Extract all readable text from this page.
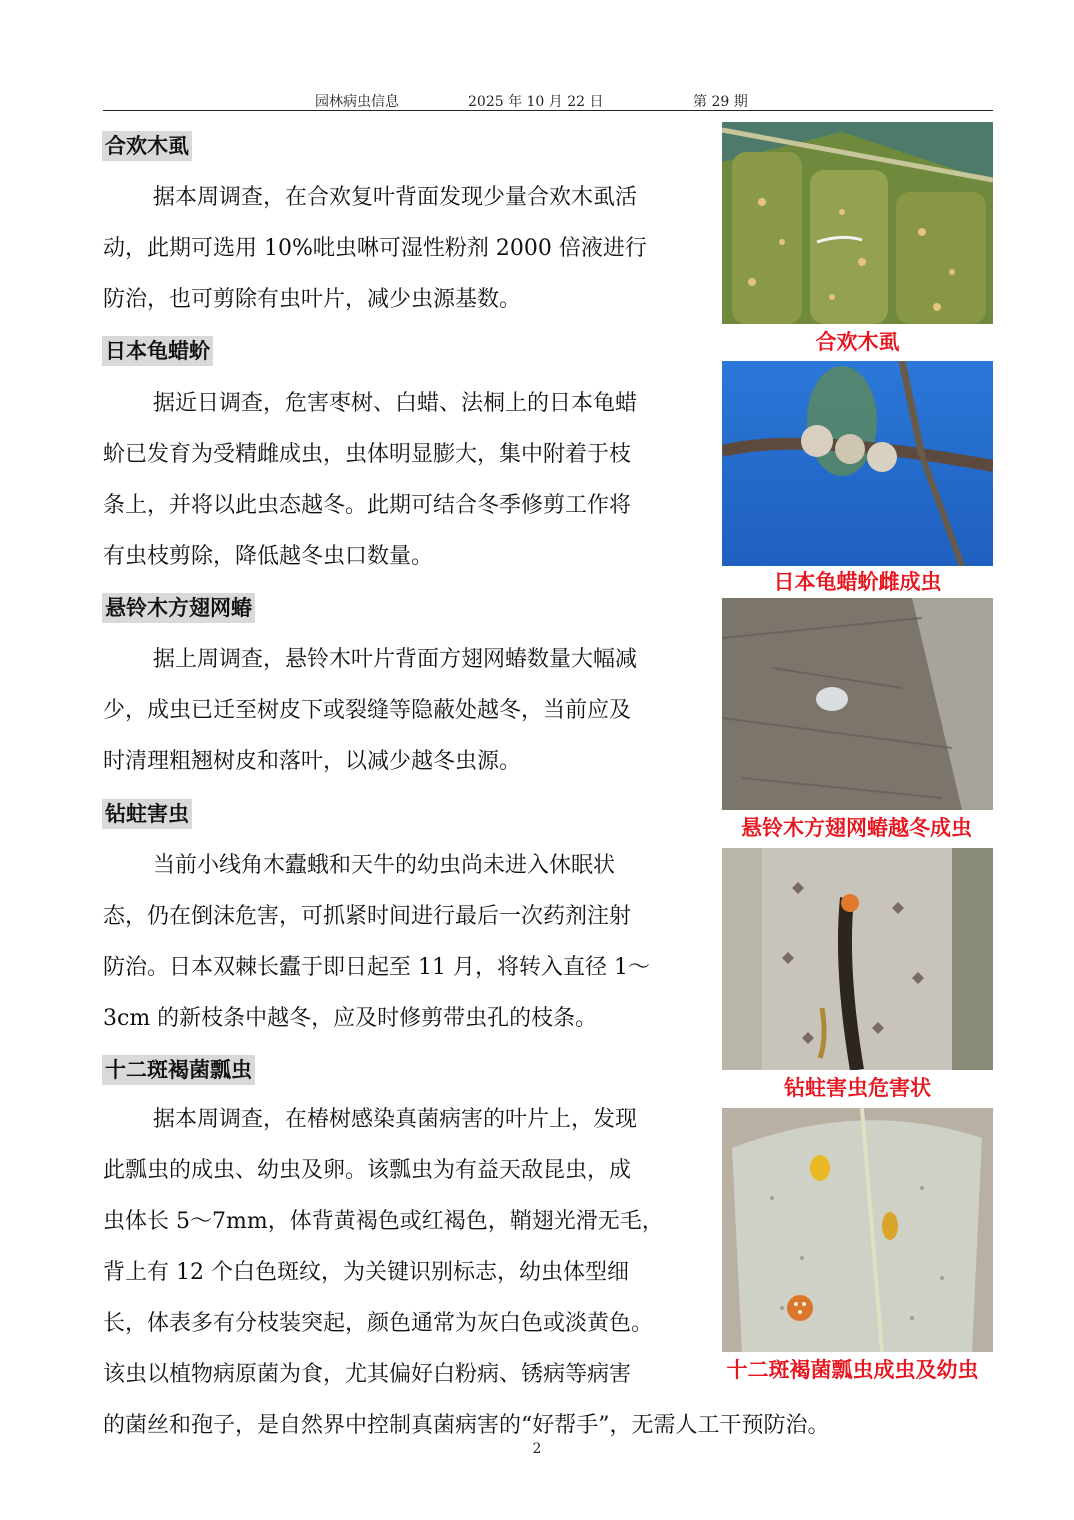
园林病虫信息	2025 年 10 月 22 日	第 29 期
合欢木虱
据本周调查，在合欢复叶背面发现少量合欢木虱活
动，此期可选用 10%吡虫啉可湿性粉剂 2000 倍液进行
防治，也可剪除有虫叶片，减少虫源基数。
日本龟蜡蚧
据近日调查，危害枣树、白蜡、法桐上的日本龟蜡
蚧已发育为受精雌成虫，虫体明显膨大，集中附着于枝
条上，并将以此虫态越冬。此期可结合冬季修剪工作将
有虫枝剪除，降低越冬虫口数量。
悬铃木方翅网蝽
据上周调查，悬铃木叶片背面方翅网蝽数量大幅减
少，成虫已迁至树皮下或裂缝等隐蔽处越冬，当前应及
时清理粗翘树皮和落叶，以减少越冬虫源。
钻蛀害虫
当前小线角木蠹蛾和天牛的幼虫尚未进入休眠状
态，仍在倒沫危害，可抓紧时间进行最后一次药剂注射
防治。日本双棘长蠹于即日起至 11 月，将转入直径 1～
3cm 的新枝条中越冬，应及时修剪带虫孔的枝条。
十二斑褐菌瓢虫
据本周调查，在椿树感染真菌病害的叶片上，发现
此瓢虫的成虫、幼虫及卵。该瓢虫为有益天敌昆虫，成
虫体长 5～7mm，体背黄褐色或红褐色，鞘翅光滑无毛，
背上有 12 个白色斑纹，为关键识别标志，幼虫体型细
长，体表多有分枝装突起，颜色通常为灰白色或淡黄色。
该虫以植物病原菌为食，尤其偏好白粉病、锈病等病害
的菌丝和孢子，是自然界中控制真菌病害的“好帮手”，无需人工干预防治。
合欢木虱
日本龟蜡蚧雌成虫
悬铃木方翅网蝽越冬成虫
钻蛀害虫危害状
十二斑褐菌瓢虫成虫及幼虫
2
